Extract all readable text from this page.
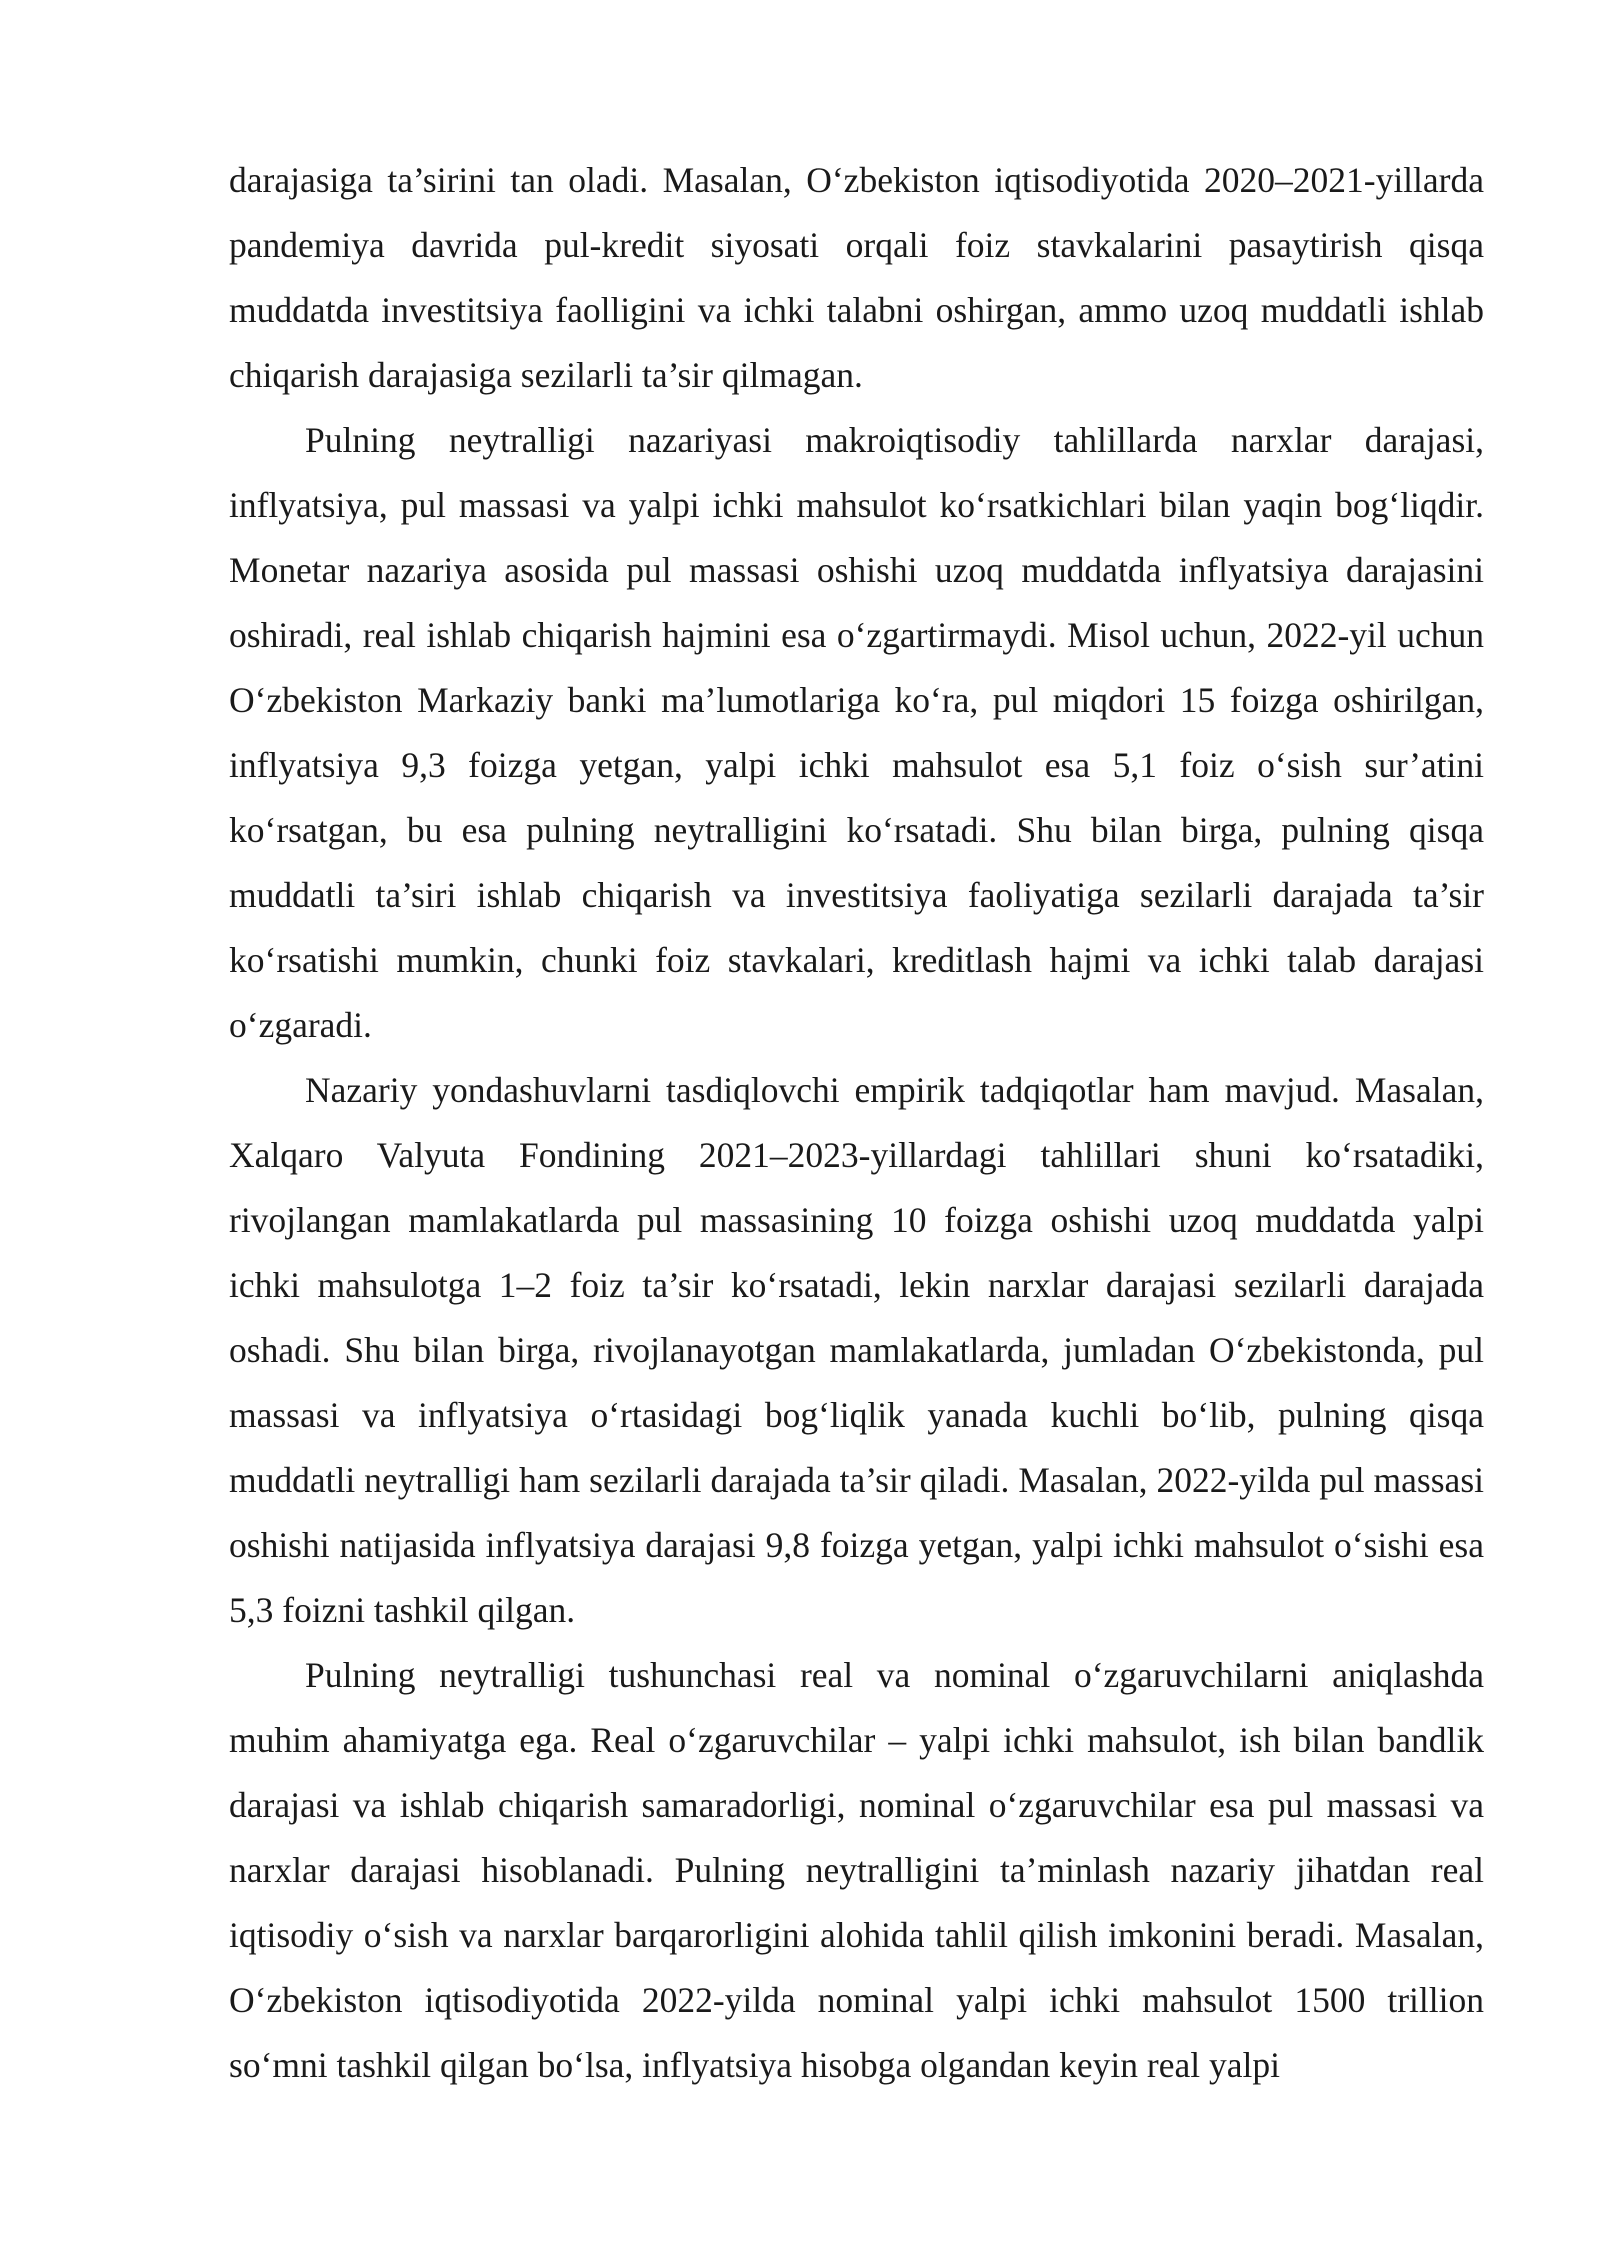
darajasiga ta’sirini tan oladi. Masalan, O‘zbekiston iqtisodiyotida 2020–2021-yillarda pandemiya davrida pul-kredit siyosati orqali foiz stavkalarini pasaytirish qisqa muddatda investitsiya faolligini va ichki talabni oshirgan, ammo uzoq muddatli ishlab chiqarish darajasiga sezilarli ta’sir qilmagan.

Pulning neytralligi nazariyasi makroiqtisodiy tahlillarda narxlar darajasi, inflyatsiya, pul massasi va yalpi ichki mahsulot ko‘rsatkichlari bilan yaqin bog‘liqdir. Monetar nazariya asosida pul massasi oshishi uzoq muddatda inflyatsiya darajasini oshiradi, real ishlab chiqarish hajmini esa o‘zgartirmaydi. Misol uchun, 2022-yil uchun O‘zbekiston Markaziy banki ma’lumotlariga ko‘ra, pul miqdori 15 foizga oshirilgan, inflyatsiya 9,3 foizga yetgan, yalpi ichki mahsulot esa 5,1 foiz o‘sish sur’atini ko‘rsatgan, bu esa pulning neytralligini ko‘rsatadi. Shu bilan birga, pulning qisqa muddatli ta’siri ishlab chiqarish va investitsiya faoliyatiga sezilarli darajada ta’sir ko‘rsatishi mumkin, chunki foiz stavkalari, kreditlash hajmi va ichki talab darajasi o‘zgaradi.

Nazariy yondashuvlarni tasdiqlovchi empirik tadqiqotlar ham mavjud. Masalan, Xalqaro Valyuta Fondining 2021–2023-yillardagi tahlillari shuni ko‘rsatadiki, rivojlangan mamlakatlarda pul massasining 10 foizga oshishi uzoq muddatda yalpi ichki mahsulotga 1–2 foiz ta’sir ko‘rsatadi, lekin narxlar darajasi sezilarli darajada oshadi. Shu bilan birga, rivojlanayotgan mamlakatlarda, jumladan O‘zbekistonda, pul massasi va inflyatsiya o‘rtasidagi bog‘liqlik yanada kuchli bo‘lib, pulning qisqa muddatli neytralligi ham sezilarli darajada ta’sir qiladi. Masalan, 2022-yilda pul massasi oshishi natijasida inflyatsiya darajasi 9,8 foizga yetgan, yalpi ichki mahsulot o‘sishi esa 5,3 foizni tashkil qilgan.

Pulning neytralligi tushunchasi real va nominal o‘zgaruvchilarni aniqlashda muhim ahamiyatga ega. Real o‘zgaruvchilar – yalpi ichki mahsulot, ish bilan bandlik darajasi va ishlab chiqarish samaradorligi, nominal o‘zgaruvchilar esa pul massasi va narxlar darajasi hisoblanadi. Pulning neytralligini ta’minlash nazariy jihatdan real iqtisodiy o‘sish va narxlar barqarorligini alohida tahlil qilish imkonini beradi. Masalan, O‘zbekiston iqtisodiyotida 2022-yilda nominal yalpi ichki mahsulot 1500 trillion so‘mni tashkil qilgan bo‘lsa, inflyatsiya hisobga olgandan keyin real yalpi
